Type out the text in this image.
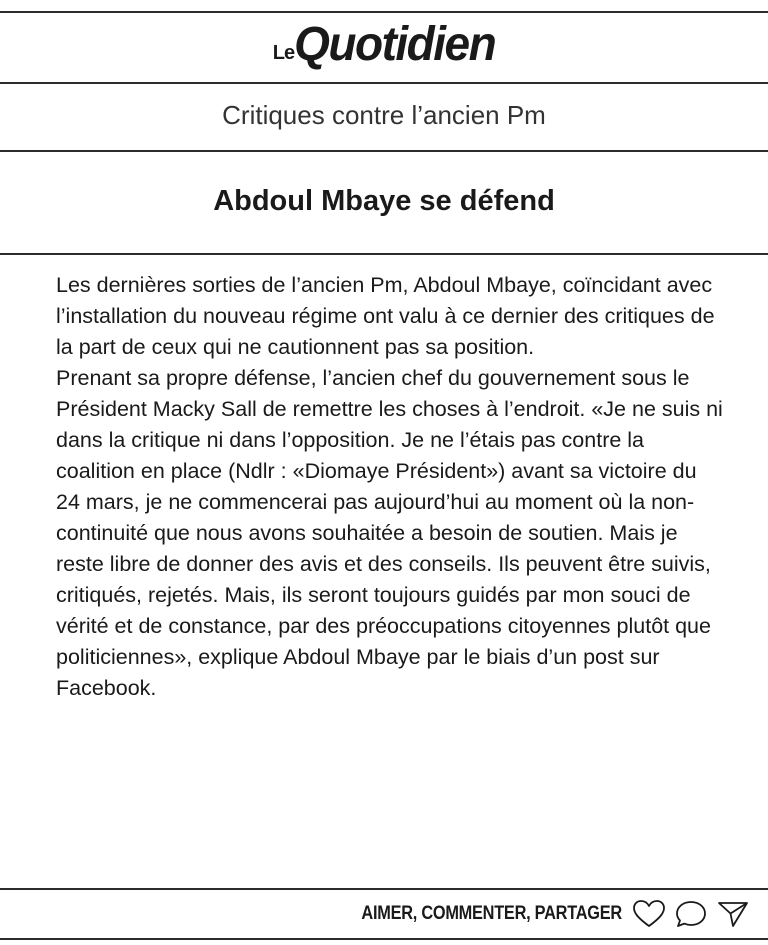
LeQuotidien
Critiques contre l’ancien Pm
Abdoul Mbaye se défend

Les dernières sorties de l’ancien Pm, Abdoul Mbaye, coïncidant avec l’installation du nouveau régime ont valu à ce dernier des critiques de la part de ceux qui ne cautionnent pas sa position.

Prenant sa propre défense, l’ancien chef du gouvernement sous le Président Macky Sall de remettre les choses à l’endroit. «Je ne suis ni dans la critique ni dans l’opposition. Je ne l’étais pas contre la coalition en place (Ndlr : «Diomaye Président») avant sa victoire du 24 mars, je ne commencerai pas aujourd’hui au moment où la non-continuité que nous avons souhaitée a besoin de soutien. Mais je reste libre de donner des avis et des conseils. Ils peuvent être suivis, critiqués, rejetés. Mais, ils seront toujours guidés par mon souci de vérité et de constance, par des préoccupations citoyennes plutôt que politiciennes», explique Abdoul Mbaye par le biais d’un post sur Facebook.

AIMER, COMMENTER, PARTAGER
